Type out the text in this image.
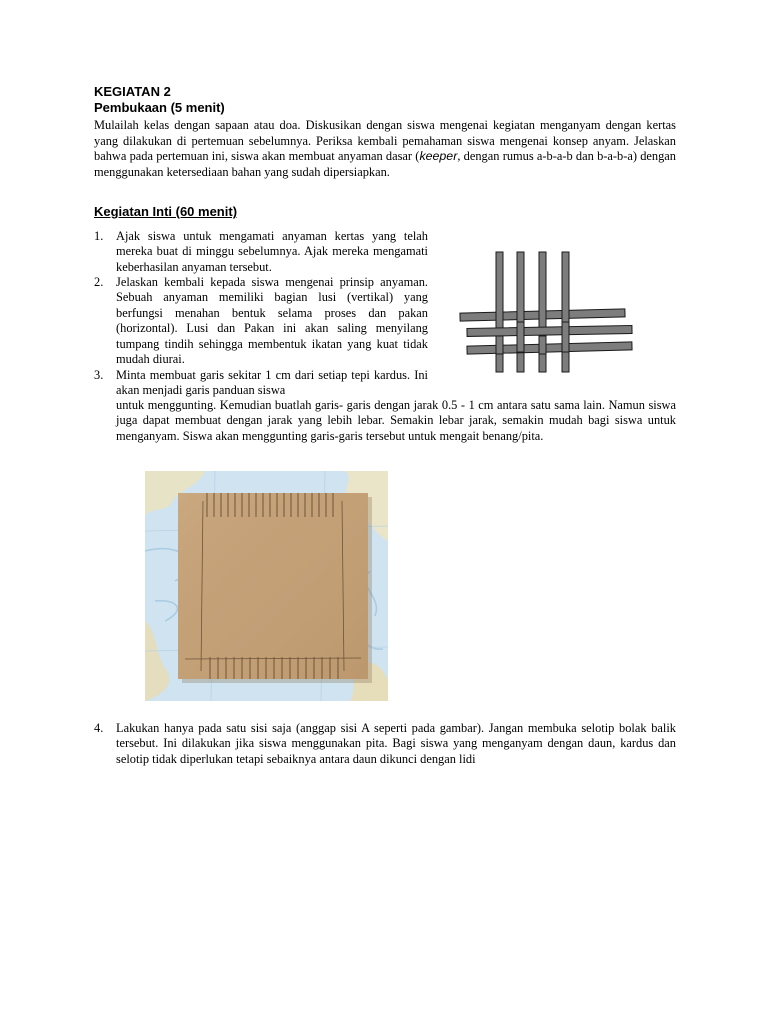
KEGIATAN 2
Pembukaan (5 menit)
Mulailah kelas dengan sapaan atau doa. Diskusikan dengan siswa mengenai kegiatan menganyam dengan kertas yang dilakukan di pertemuan sebelumnya. Periksa kembali pemahaman siswa mengenai konsep anyam. Jelaskan bahwa pada pertemuan ini, siswa akan membuat anyaman dasar (keeper, dengan rumus a-b-a-b dan b-a-b-a) dengan menggunakan ketersediaan bahan yang sudah dipersiapkan.
Kegiatan Inti (60 menit)
1. Ajak siswa untuk mengamati anyaman kertas yang telah mereka buat di minggu sebelumnya. Ajak mereka mengamati keberhasilan anyaman tersebut.
2. Jelaskan kembali kepada siswa mengenai prinsip anyaman. Sebuah anyaman memiliki bagian lusi (vertikal) yang berfungsi menahan bentuk selama proses dan pakan (horizontal). Lusi dan Pakan ini akan saling menyilang tumpang tindih sehingga membentuk ikatan yang kuat tidak mudah diurai.
3. Minta membuat garis sekitar 1 cm dari setiap tepi kardus. Ini akan menjadi garis panduan siswa
untuk menggunting. Kemudian buatlah garis- garis dengan jarak 0.5 - 1 cm antara satu sama lain. Namun siswa juga dapat membuat dengan jarak yang lebih lebar. Semakin lebar jarak, semakin mudah bagi siswa untuk menganyam. Siswa akan menggunting garis-garis tersebut untuk mengait benang/pita.
4. Lakukan hanya pada satu sisi saja (anggap sisi A seperti pada gambar). Jangan membuka selotip bolak balik tersebut. Ini dilakukan jika siswa menggunakan pita. Bagi siswa yang menganyam dengan daun, kardus dan selotip tidak diperlukan tetapi sebaiknya antara daun dikunci dengan lidi
